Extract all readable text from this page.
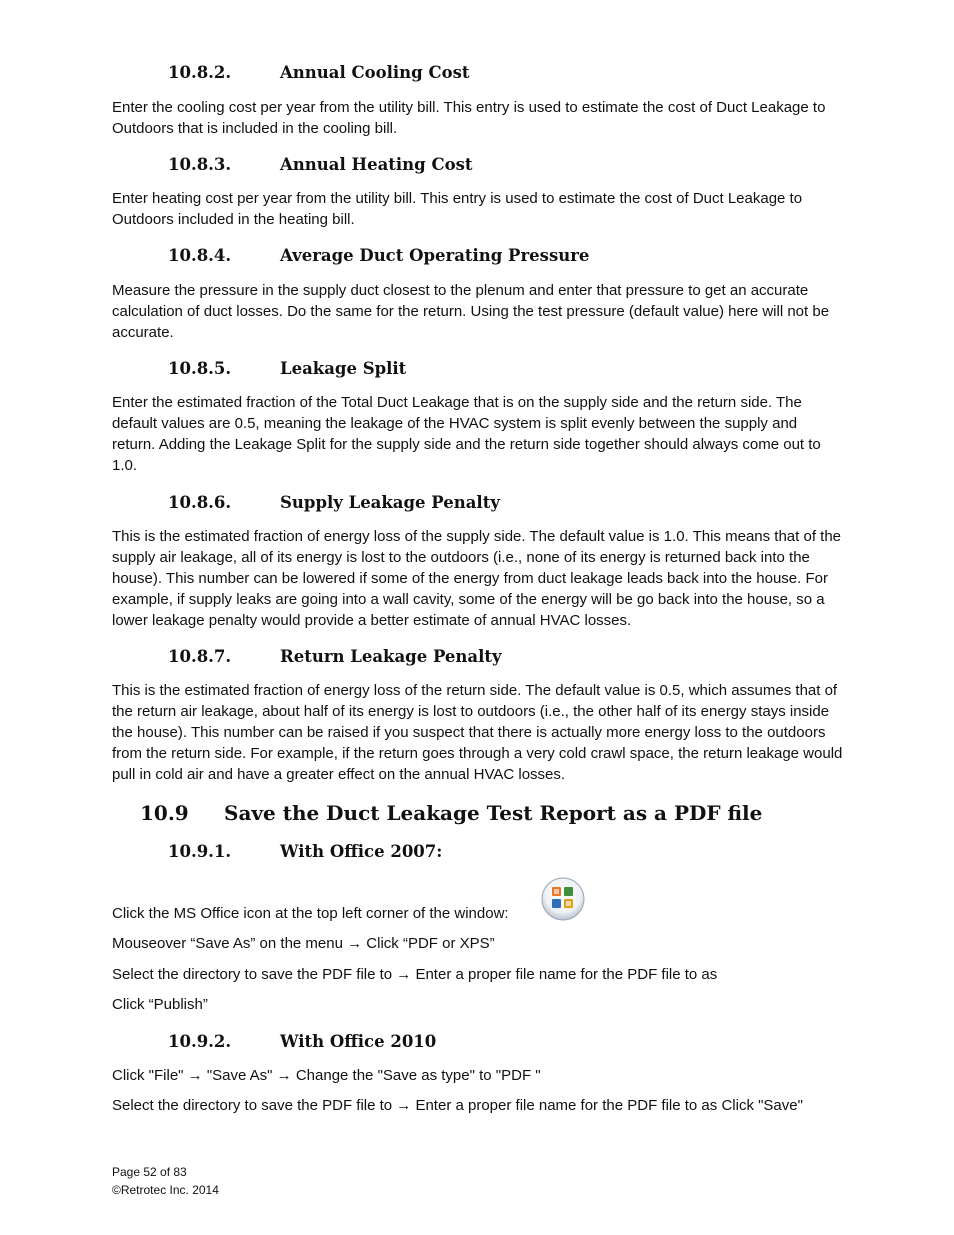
10.8.2.	Annual Cooling Cost
Enter the cooling cost per year from the utility bill. This entry is used to estimate the cost of Duct Leakage to Outdoors that is included in the cooling bill.
10.8.3.	Annual Heating Cost
Enter heating cost per year from the utility bill. This entry is used to estimate the cost of Duct Leakage to Outdoors included in the heating bill.
10.8.4.	Average Duct Operating Pressure
Measure the pressure in the supply duct closest to the plenum and enter that pressure to get an accurate calculation of duct losses. Do the same for the return. Using the test pressure (default value) here will not be accurate.
10.8.5.	Leakage Split
Enter the estimated fraction of the Total Duct Leakage that is on the supply side and the return side. The default values are 0.5, meaning the leakage of the HVAC system is split evenly between the supply and return. Adding the Leakage Split for the supply side and the return side together should always come out to 1.0.
10.8.6.	Supply Leakage Penalty
This is the estimated fraction of energy loss of the supply side. The default value is 1.0. This means that of the supply air leakage, all of its energy is lost to the outdoors (i.e., none of its energy is returned back into the house). This number can be lowered if some of the energy from duct leakage leads back into the house. For example, if supply leaks are going into a wall cavity, some of the energy will be go back into the house, so a lower leakage penalty would provide a better estimate of annual HVAC losses.
10.8.7.	Return Leakage Penalty
This is the estimated fraction of energy loss of the return side. The default value is 0.5, which assumes that of the return air leakage, about half of its energy is lost to outdoors (i.e., the other half of its energy stays inside the house). This number can be raised if you suspect that there is actually more energy loss to the outdoors from the return side. For example, if the return goes through a very cold crawl space, the return leakage would pull in cold air and have a greater effect on the annual HVAC losses.
10.9 Save the Duct Leakage Test Report as a PDF file
10.9.1.	With Office 2007:
Click the MS Office icon at the top left corner of the window:
Mouseover “Save As” on the menu → Click “PDF or XPS”
Select the directory to save the PDF file to → Enter a proper file name for the PDF file to as
Click “Publish”
10.9.2.	With Office 2010
Click "File" → "Save As" → Change the "Save as type" to "PDF "
Select the directory to save the PDF file to → Enter a proper file name for the PDF file to as Click "Save"
Page 52 of 83
©Retrotec Inc. 2014
